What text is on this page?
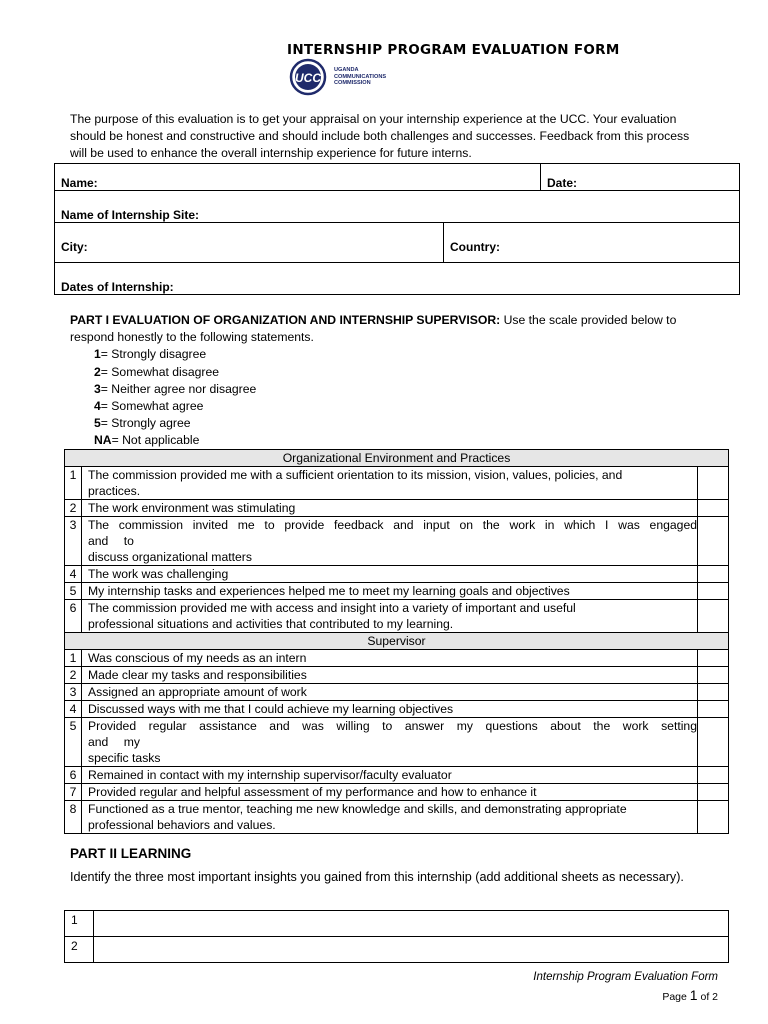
INTERNSHIP PROGRAM EVALUATION FORM
UCC
UGANDA
COMMUNICATIONS
COMMISSION
The purpose of this evaluation is to get your appraisal on your internship experience at the UCC. Your evaluation should be honest and constructive and should include both challenges and successes. Feedback from this process will be used to enhance the overall internship experience for future interns.
Name:		Date:
Name of Internship Site:		
City:	Country:	
Dates of Internship:		
PART I EVALUATION OF ORGANIZATION AND INTERNSHIP SUPERVISOR: Use the scale provided below to respond honestly to the following statements.
1= Strongly disagree
2= Somewhat disagree
3= Neither agree nor disagree
4= Somewhat agree
5= Strongly agree
NA= Not applicable
Organizational Environment and Practices		
1	The commission provided me with a sufficient orientation to its mission, vision, values, policies, and
practices.	

2	The work environment was stimulating	

3	The commission invited me to provide feedback and input on the work in which I was engaged
and to
discuss organizational matters	

4	The work was challenging	

5	My internship tasks and experiences helped me to meet my learning goals and objectives	

6	The commission provided me with access and insight into a variety of important and useful
professional situations and activities that contributed to my learning.	

Supervisor		
1	Was conscious of my needs as an intern	

2	Made clear my tasks and responsibilities	

3	Assigned an appropriate amount of work	

4	Discussed ways with me that I could achieve my learning objectives	

5	Provided regular assistance and was willing to answer my questions about the work setting
and my
specific tasks	

6	Remained in contact with my internship supervisor/faculty evaluator	

7	Provided regular and helpful assessment of my performance and how to enhance it	

8	Functioned as a true mentor, teaching me new knowledge and skills, and demonstrating appropriate
professional behaviors and values.	

PART II LEARNING
Identify the three most important insights you gained from this internship (add additional sheets as necessary).
1	
2	
Internship Program Evaluation Form
Page 1 of 2
